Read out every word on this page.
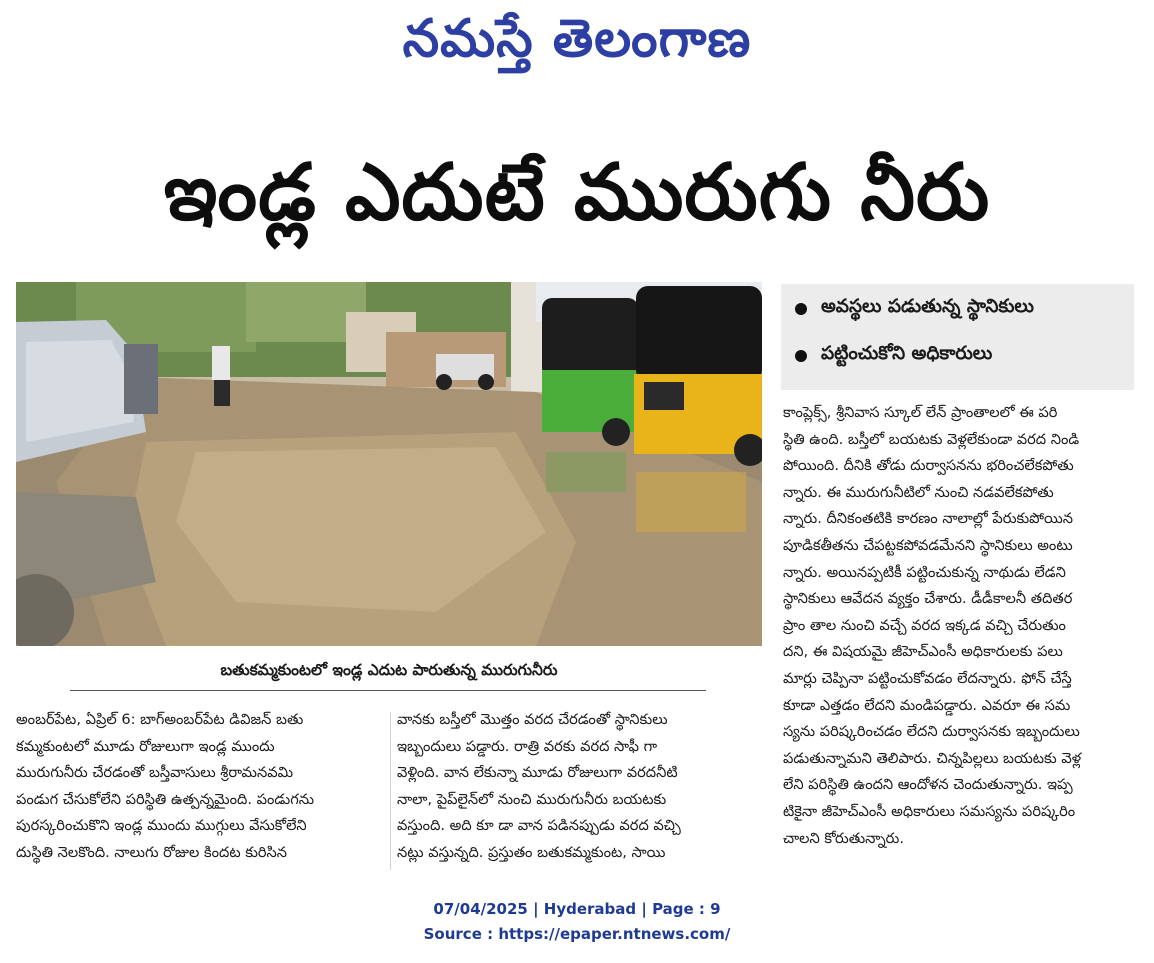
నమస్తే తెలంగాణ
ఇండ్ల ఎదుటే మురుగు నీరు
బతుకమ్మకుంటలో ఇండ్ల ఎదుట పారుతున్న మురుగునీరు
అవస్థలు పడుతున్న స్థానికులు
పట్టించుకోని అధికారులు
కాంప్లెక్స్, శ్రీనివాస స్కూల్ లేన్ ప్రాంతాలలో ఈ పరి
స్థితి ఉంది. బస్తీలో బయటకు వెళ్లలేకుండా వరద నిండి
పోయింది. దీనికి తోడు దుర్వాసనను భరించలేకపోతు
న్నారు. ఈ మురుగునీటిలో నుంచి నడవలేకపోతు
న్నారు. దీనికంతటికి కారణం నాలాల్లో పేరుకుపోయిన
పూడికతీతను చేపట్టకపోవడమేనని స్థానికులు అంటు
న్నారు. అయినప్పటికీ పట్టించుకున్న నాథుడు లేడని
స్థానికులు ఆవేదన వ్యక్తం చేశారు. డీడీకాలనీ తదితర
ప్రాం తాల నుంచి వచ్చే వరద ఇక్కడ వచ్చి చేరుతుం
దని, ఈ విషయమై జీహెచ్‌ఎంసీ అధికారులకు పలు
మార్లు చెప్పినా పట్టించుకోవడం లేదన్నారు. ఫోన్ చేస్తే
కూడా ఎత్తడం లేదని మండిపడ్డారు. ఎవరూ ఈ సమ
స్యను పరిష్కరించడం లేదని దుర్వాసనకు ఇబ్బందులు
పడుతున్నామని తెలిపారు. చిన్నపిల్లలు బయటకు వెళ్ల
లేని పరిస్థితి ఉందని ఆందోళన చెందుతున్నారు. ఇప్ప
టికైనా జీహెచ్‌ఎంసీ అధికారులు సమస్యను పరిష్కరిం
చాలని కోరుతున్నారు.
అంబర్‌పేట, ఏప్రిల్ 6: బాగ్‌అంబర్‌పేట డివిజన్ బతు
కమ్మకుంటలో మూడు రోజులుగా ఇండ్ల ముందు
మురుగునీరు చేరడంతో బస్తీవాసులు శ్రీరామనవమి
పండుగ చేసుకోలేని పరిస్థితి ఉత్పన్నమైంది. పండుగను
పురస్కరించుకొని ఇండ్ల ముందు ముగ్గులు వేసుకోలేని
దుస్థితి నెలకొంది. నాలుగు రోజుల కిందట కురిసిన
వానకు బస్తీలో మొత్తం వరద చేరడంతో స్థానికులు
ఇబ్బందులు పడ్డారు. రాత్రి వరకు వరద సాఫీ గా
వెళ్లింది. వాన లేకున్నా మూడు రోజులుగా వరదనీటి
నాలా, పైప్‌లైన్‌లో నుంచి మురుగునీరు బయటకు
వస్తుంది. అది కూ డా వాన పడినప్పుడు వరద వచ్చి
నట్లు వస్తున్నది. ప్రస్తుతం బతుకమ్మకుంట, సాయి
07/04/2025 | Hyderabad | Page : 9
Source : https://epaper.ntnews.com/
